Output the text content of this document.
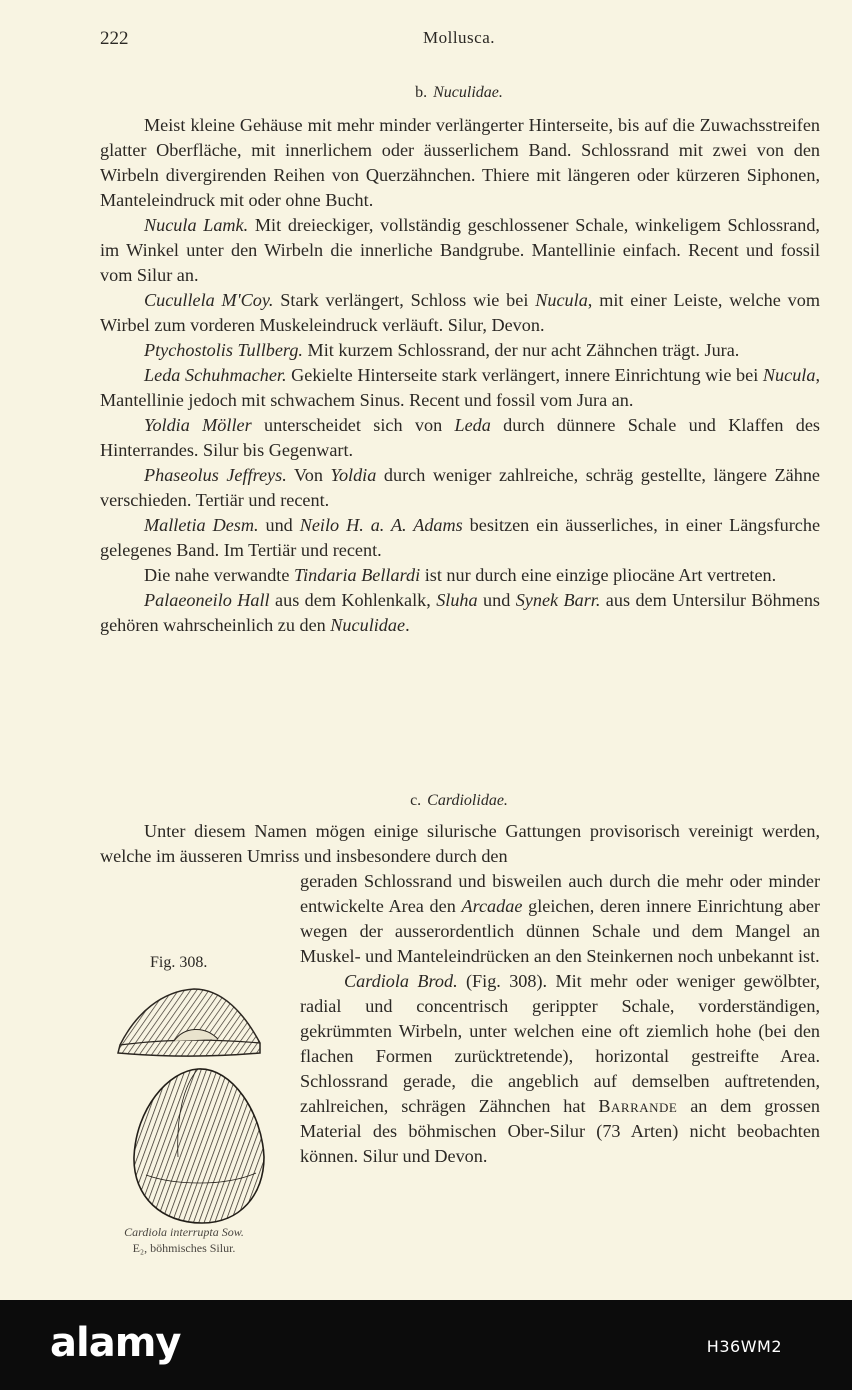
222	Mollusca.
b. Nuculidae.

Meist kleine Gehäuse mit mehr minder verlängerter Hinterseite, bis auf die Zuwachsstreifen glatter Oberfläche, mit innerlichem oder äusserlichem Band. Schlossrand mit zwei von den Wirbeln divergirenden Reihen von Querzähnchen. Thiere mit längeren oder kürzeren Siphonen, Manteleindruck mit oder ohne Bucht.

Nucula Lamk. Mit dreieckiger, vollständig geschlossener Schale, winkeligem Schlossrand, im Winkel unter den Wirbeln die innerliche Bandgrube. Mantellinie einfach. Recent und fossil vom Silur an.

Cucullela M'Coy. Stark verlängert, Schloss wie bei Nucula, mit einer Leiste, welche vom Wirbel zum vorderen Muskeleindruck verläuft. Silur, Devon.

Ptychostolis Tullberg. Mit kurzem Schlossrand, der nur acht Zähnchen trägt. Jura.

Leda Schuhmacher. Gekielte Hinterseite stark verlängert, innere Einrichtung wie bei Nucula, Mantellinie jedoch mit schwachem Sinus. Recent und fossil vom Jura an.

Yoldia Möller unterscheidet sich von Leda durch dünnere Schale und Klaffen des Hinterrandes. Silur bis Gegenwart.

Phaseolus Jeffreys. Von Yoldia durch weniger zahlreiche, schräg gestellte, längere Zähne verschieden. Tertiär und recent.

Malletia Desm. und Neilo H. a. A. Adams besitzen ein äusserliches, in einer Längsfurche gelegenes Band. Im Tertiär und recent.

Die nahe verwandte Tindaria Bellardi ist nur durch eine einzige pliocäne Art vertreten.

Palaeoneilo Hall aus dem Kohlenkalk, Sluha und Synek Barr. aus dem Untersilur Böhmens gehören wahrscheinlich zu den Nuculidae.

c. Cardiolidae.

Unter diesem Namen mögen einige silurische Gattungen provisorisch vereinigt werden, welche im äusseren Umriss und insbesondere durch den

Fig. 308.
Cardiola interrupta Sow.
E₂, böhmisches Silur.

geraden Schlossrand und bisweilen auch durch die mehr oder minder entwickelte Area den Arcadae gleichen, deren innere Einrichtung aber wegen der ausserordentlich dünnen Schale und dem Mangel an Muskel- und Manteleindrücken an den Steinkernen noch unbekannt ist.

Cardiola Brod. (Fig. 308). Mit mehr oder weniger gewölbter, radial und concentrisch gerippter Schale, vorderständigen, gekrümmten Wirbeln, unter welchen eine oft ziemlich hohe (bei den flachen Formen zurücktretende), horizontal gestreifte Area. Schlossrand gerade, die angeblich auf demselben auftretenden, zahlreichen, schrägen Zähnchen hat Barrande an dem grossen Material des böhmischen Ober-Silur (73 Arten) nicht beobachten können. Silur und Devon.

alamy	H36WM2
